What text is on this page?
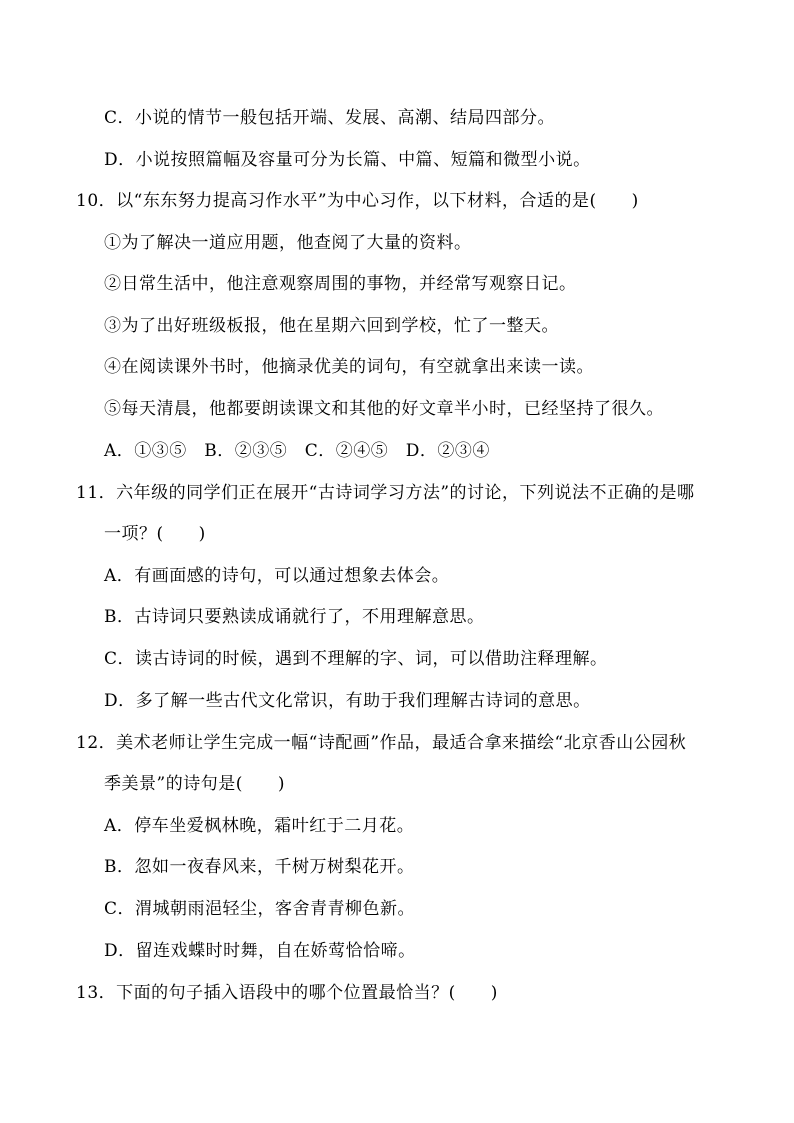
C．小说的情节一般包括开端、发展、高潮、结局四部分。
D．小说按照篇幅及容量可分为长篇、中篇、短篇和微型小说。
10．以“东东努力提高习作水平”为中心习作，以下材料，合适的是(　　)
①为了解决一道应用题，他查阅了大量的资料。
②日常生活中，他注意观察周围的事物，并经常写观察日记。
③为了出好班级板报，他在星期六回到学校，忙了一整天。
④在阅读课外书时，他摘录优美的词句，有空就拿出来读一读。
⑤每天清晨，他都要朗读课文和其他的好文章半小时，已经坚持了很久。
A．①③⑤　B．②③⑤　C．②④⑤　D．②③④
11．六年级的同学们正在展开“古诗词学习方法”的讨论，下列说法不正确的是哪
一项？(　　)
A．有画面感的诗句，可以通过想象去体会。
B．古诗词只要熟读成诵就行了，不用理解意思。
C．读古诗词的时候，遇到不理解的字、词，可以借助注释理解。
D．多了解一些古代文化常识，有助于我们理解古诗词的意思。
12．美术老师让学生完成一幅“诗配画”作品，最适合拿来描绘“北京香山公园秋
季美景”的诗句是(　　)
A．停车坐爱枫林晚，霜叶红于二月花。
B．忽如一夜春风来，千树万树梨花开。
C．渭城朝雨浥轻尘，客舍青青柳色新。
D．留连戏蝶时时舞，自在娇莺恰恰啼。
13．下面的句子插入语段中的哪个位置最恰当？(　　)
